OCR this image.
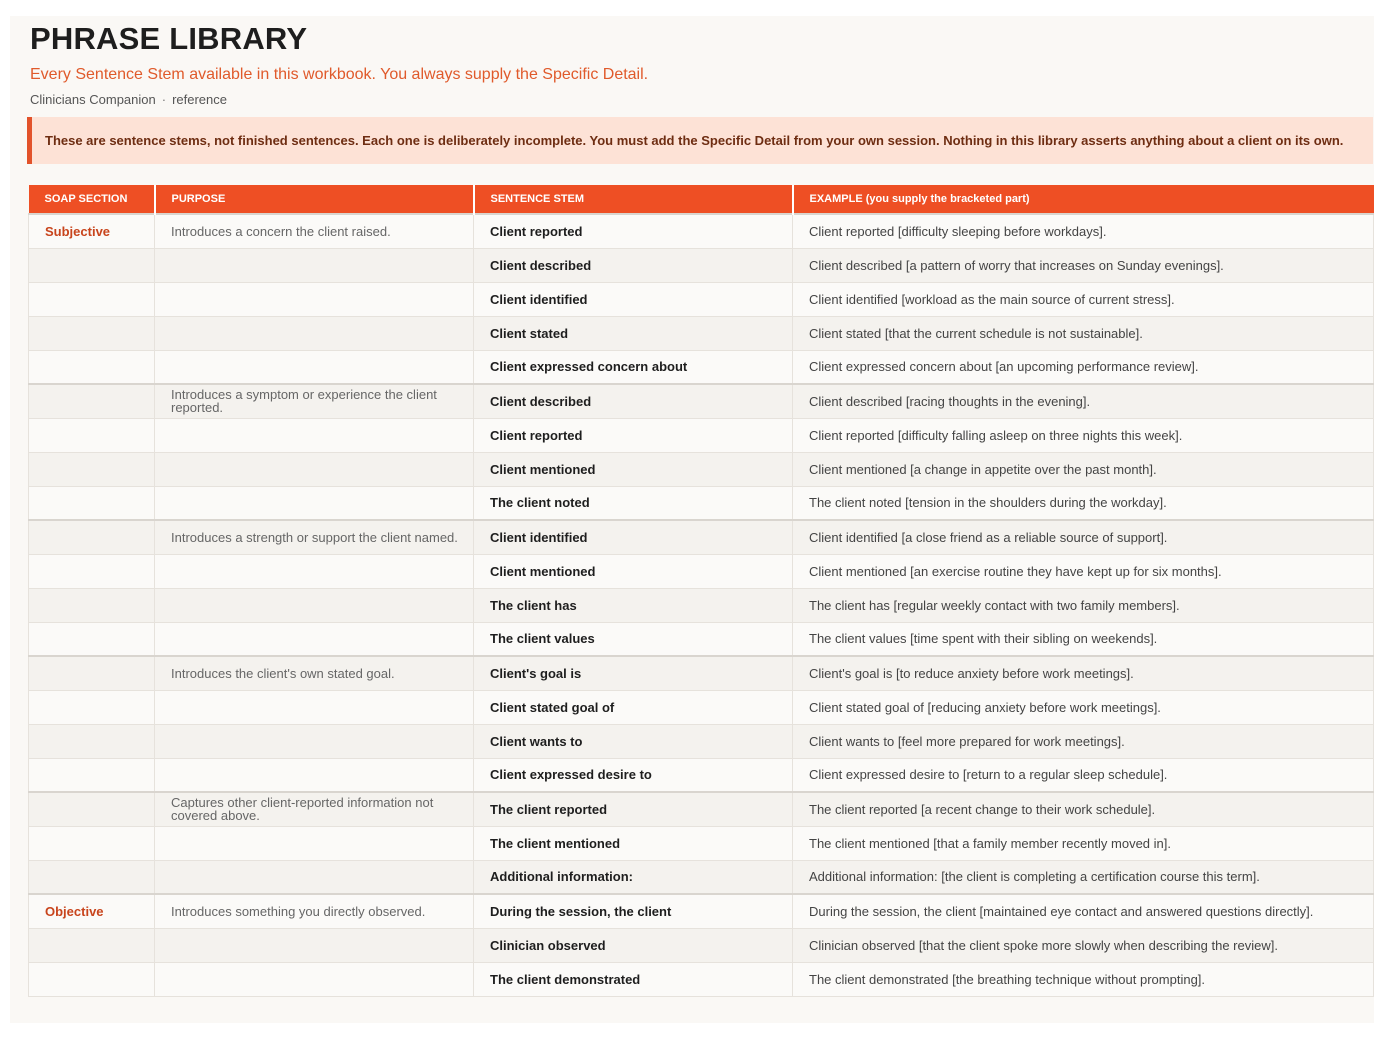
PHRASE LIBRARY
Every Sentence Stem available in this workbook. You always supply the Specific Detail.
Clinicians Companion · reference
These are sentence stems, not finished sentences. Each one is deliberately incomplete. You must add the Specific Detail from your own session. Nothing in this library asserts anything about a client on its own.
SOAP SECTION	PURPOSE	SENTENCE STEM	EXAMPLE (you supply the bracketed part)
Subjective	Introduces a concern the client raised.	Client reported	Client reported [difficulty sleeping before workdays].
		Client described	Client described [a pattern of worry that increases on Sunday evenings].
		Client identified	Client identified [workload as the main source of current stress].
		Client stated	Client stated [that the current schedule is not sustainable].
		Client expressed concern about	Client expressed concern about [an upcoming performance review].
	Introduces a symptom or experience the client reported.	Client described	Client described [racing thoughts in the evening].
		Client reported	Client reported [difficulty falling asleep on three nights this week].
		Client mentioned	Client mentioned [a change in appetite over the past month].
		The client noted	The client noted [tension in the shoulders during the workday].
	Introduces a strength or support the client named.	Client identified	Client identified [a close friend as a reliable source of support].
		Client mentioned	Client mentioned [an exercise routine they have kept up for six months].
		The client has	The client has [regular weekly contact with two family members].
		The client values	The client values [time spent with their sibling on weekends].
	Introduces the client's own stated goal.	Client's goal is	Client's goal is [to reduce anxiety before work meetings].
		Client stated goal of	Client stated goal of [reducing anxiety before work meetings].
		Client wants to	Client wants to [feel more prepared for work meetings].
		Client expressed desire to	Client expressed desire to [return to a regular sleep schedule].
	Captures other client-reported information not covered above.	The client reported	The client reported [a recent change to their work schedule].
		The client mentioned	The client mentioned [that a family member recently moved in].
		Additional information:	Additional information: [the client is completing a certification course this term].
Objective	Introduces something you directly observed.	During the session, the client	During the session, the client [maintained eye contact and answered questions directly].
		Clinician observed	Clinician observed [that the client spoke more slowly when describing the review].
		The client demonstrated	The client demonstrated [the breathing technique without prompting].
